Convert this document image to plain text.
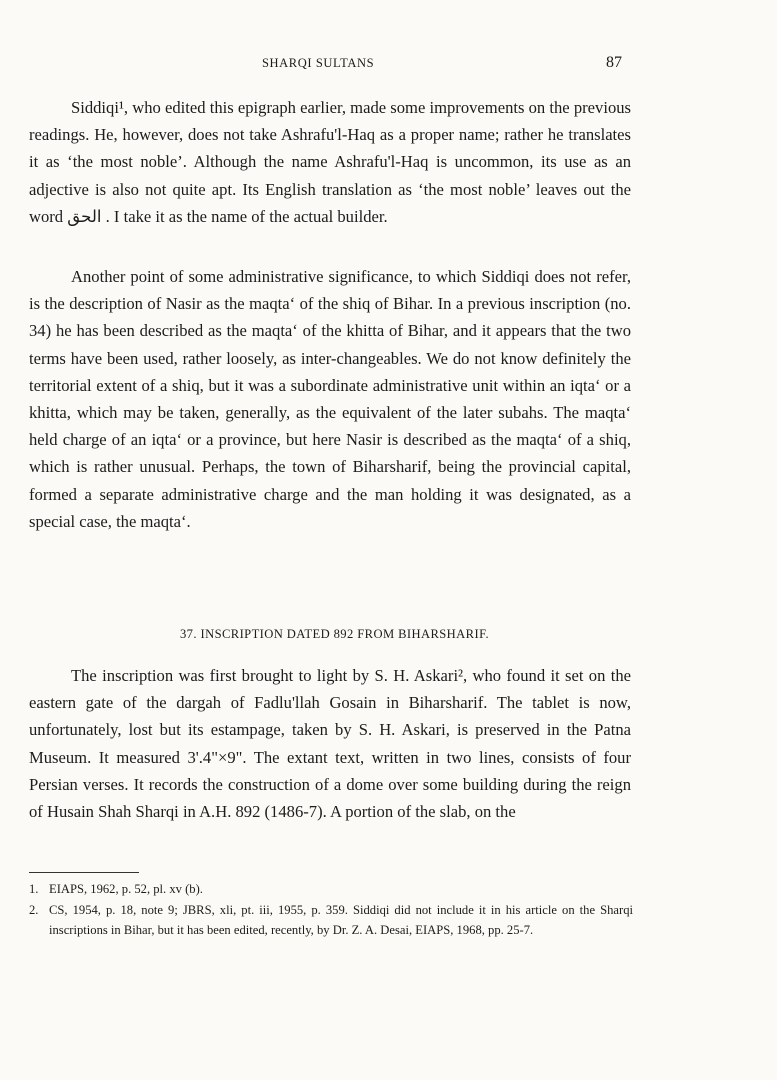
SHARQI SULTANS	87

Siddiqi¹, who edited this epigraph earlier, made some improvements on the previous readings. He, however, does not take Ashrafu'l-Haq as a proper name; rather he translates it as ‘the most noble’. Although the name Ashrafu'l-Haq is uncommon, its use as an adjective is also not quite apt. Its English translation as ‘the most noble’ leaves out the word الحق . I take it as the name of the actual builder.

Another point of some administrative significance, to which Siddiqi does not refer, is the description of Nasir as the maqta‘ of the shiq of Bihar. In a previous inscription (no. 34) he has been described as the maqta‘ of the khitta of Bihar, and it appears that the two terms have been used, rather loosely, as inter-changeables. We do not know definitely the territorial extent of a shiq, but it was a subordinate administrative unit within an iqta‘ or a khitta, which may be taken, generally, as the equivalent of the later subahs. The maqta‘ held charge of an iqta‘ or a province, but here Nasir is described as the maqta‘ of a shiq, which is rather unusual. Perhaps, the town of Biharsharif, being the provincial capital, formed a separate administrative charge and the man holding it was designated, as a special case, the maqta‘.

37. INSCRIPTION DATED 892 FROM BIHARSHARIF.

The inscription was first brought to light by S. H. Askari², who found it set on the eastern gate of the dargah of Fadlu'llah Gosain in Biharsharif. The tablet is now, unfortunately, lost but its estampage, taken by S. H. Askari, is preserved in the Patna Museum. It measured 3'.4"×9". The extant text, written in two lines, consists of four Persian verses. It records the construction of a dome over some building during the reign of Husain Shah Sharqi in A.H. 892 (1486-7). A portion of the slab, on the

1. EIAPS, 1962, p. 52, pl. xv (b).
2. CS, 1954, p. 18, note 9; JBRS, xli, pt. iii, 1955, p. 359. Siddiqi did not include it in his article on the Sharqi inscriptions in Bihar, but it has been edited, recently, by Dr. Z. A. Desai, EIAPS, 1968, pp. 25-7.
